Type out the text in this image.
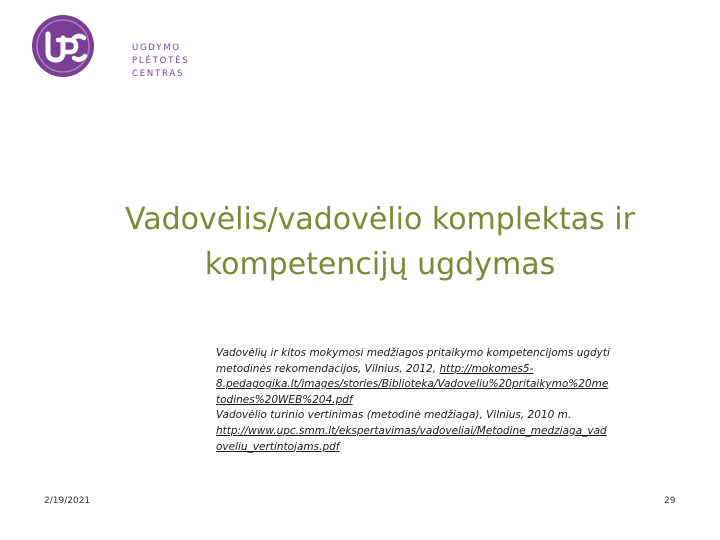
UGDYMO
PLĖTOTĖS
CENTRAS
Vadovėlis/vadovėlio komplektas ir
kompetencijų ugdymas
Vadovėlių ir kitos mokymosi medžiagos pritaikymo kompetencijoms ugdyti
metodinės rekomendacijos, Vilnius, 2012, http://mokomes5-
8.pedagogika.lt/images/stories/Biblioteka/Vadoveliu%20pritaikymo%20me
todines%20WEB%204.pdf
Vadovėlio turinio vertinimas (metodinė medžiaga), Vilnius, 2010 m.
http://www.upc.smm.lt/ekspertavimas/vadoveliai/Metodine_medziaga_vad
oveliu_vertintojams.pdf
2/19/2021	29
